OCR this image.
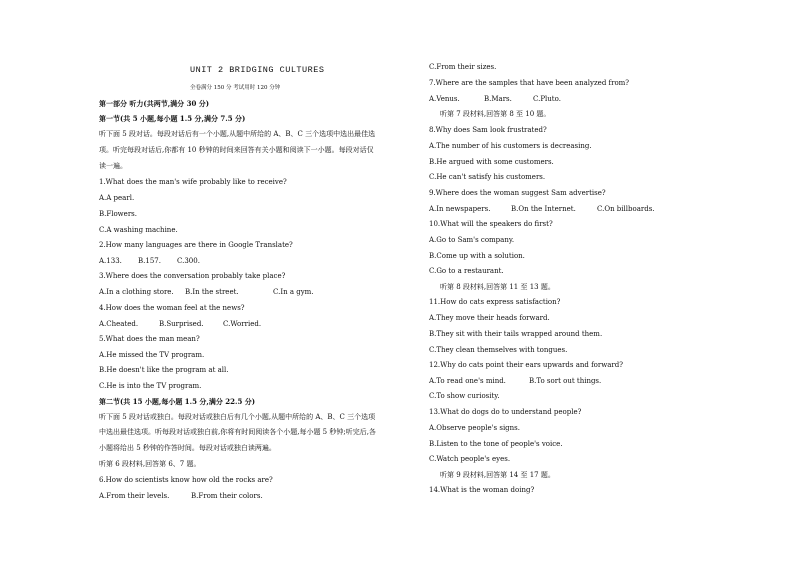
UNIT 2 BRIDGING CULTURES
全卷满分 150 分 考试用时 120 分钟
第一部分 听力(共两节,满分 30 分)
第一节(共 5 小题,每小题 1.5 分,满分 7.5 分)
听下面 5 段对话。每段对话后有一个小题,从题中所给的 A、B、C 三个选项中选出最佳选
项。听完每段对话后,你都有 10 秒钟的时间来回答有关小题和阅读下一小题。每段对话仅
读一遍。
1.What does the man's wife probably like to receive?
A.A pearl.
B.Flowers.
C.A washing machine.
2.How many languages are there in Google Translate?
A.133. B.157. C.300.
3.Where does the conversation probably take place?
A.In a clothing store. B.In the street.	C.In a gym.
4.How does the woman feel at the news?
A.Cheated.	B.Surprised.	C.Worried.
5.What does the man mean?
A.He missed the TV program.
B.He doesn't like the program at all.
C.He is into the TV program.
第二节(共 15 小题,每小题 1.5 分,满分 22.5 分)
听下面 5 段对话或独白。每段对话或独白后有几个小题,从题中所给的 A、B、C 三个选项
中选出最佳选项。听每段对话或独白前,你将有时间阅读各个小题,每小题 5 秒钟;听完后,各
小题将给出 5 秒钟的作答时间。每段对话或独白读两遍。
听第 6 段材料,回答第 6、7 题。
6.How do scientists know how old the rocks are?
A.From their levels.	B.From their colors.
C.From their sizes.
7.Where are the samples that have been analyzed from?
A.Venus.	B.Mars.	C.Pluto.
听第 7 段材料,回答第 8 至 10 题。
8.Why does Sam look frustrated?
A.The number of his customers is decreasing.
B.He argued with some customers.
C.He can't satisfy his customers.
9.Where does the woman suggest Sam advertise?
A.In newspapers.	B.On the Internet.	C.On billboards.
10.What will the speakers do first?
A.Go to Sam's company.
B.Come up with a solution.
C.Go to a restaurant.
听第 8 段材料,回答第 11 至 13 题。
11.How do cats express satisfaction?
A.They move their heads forward.
B.They sit with their tails wrapped around them.
C.They clean themselves with tongues.
12.Why do cats point their ears upwards and forward?
A.To read one's mind.	B.To sort out things.
C.To show curiosity.
13.What do dogs do to understand people?
A.Observe people's signs.
B.Listen to the tone of people's voice.
C.Watch people's eyes.
听第 9 段材料,回答第 14 至 17 题。
14.What is the woman doing?
